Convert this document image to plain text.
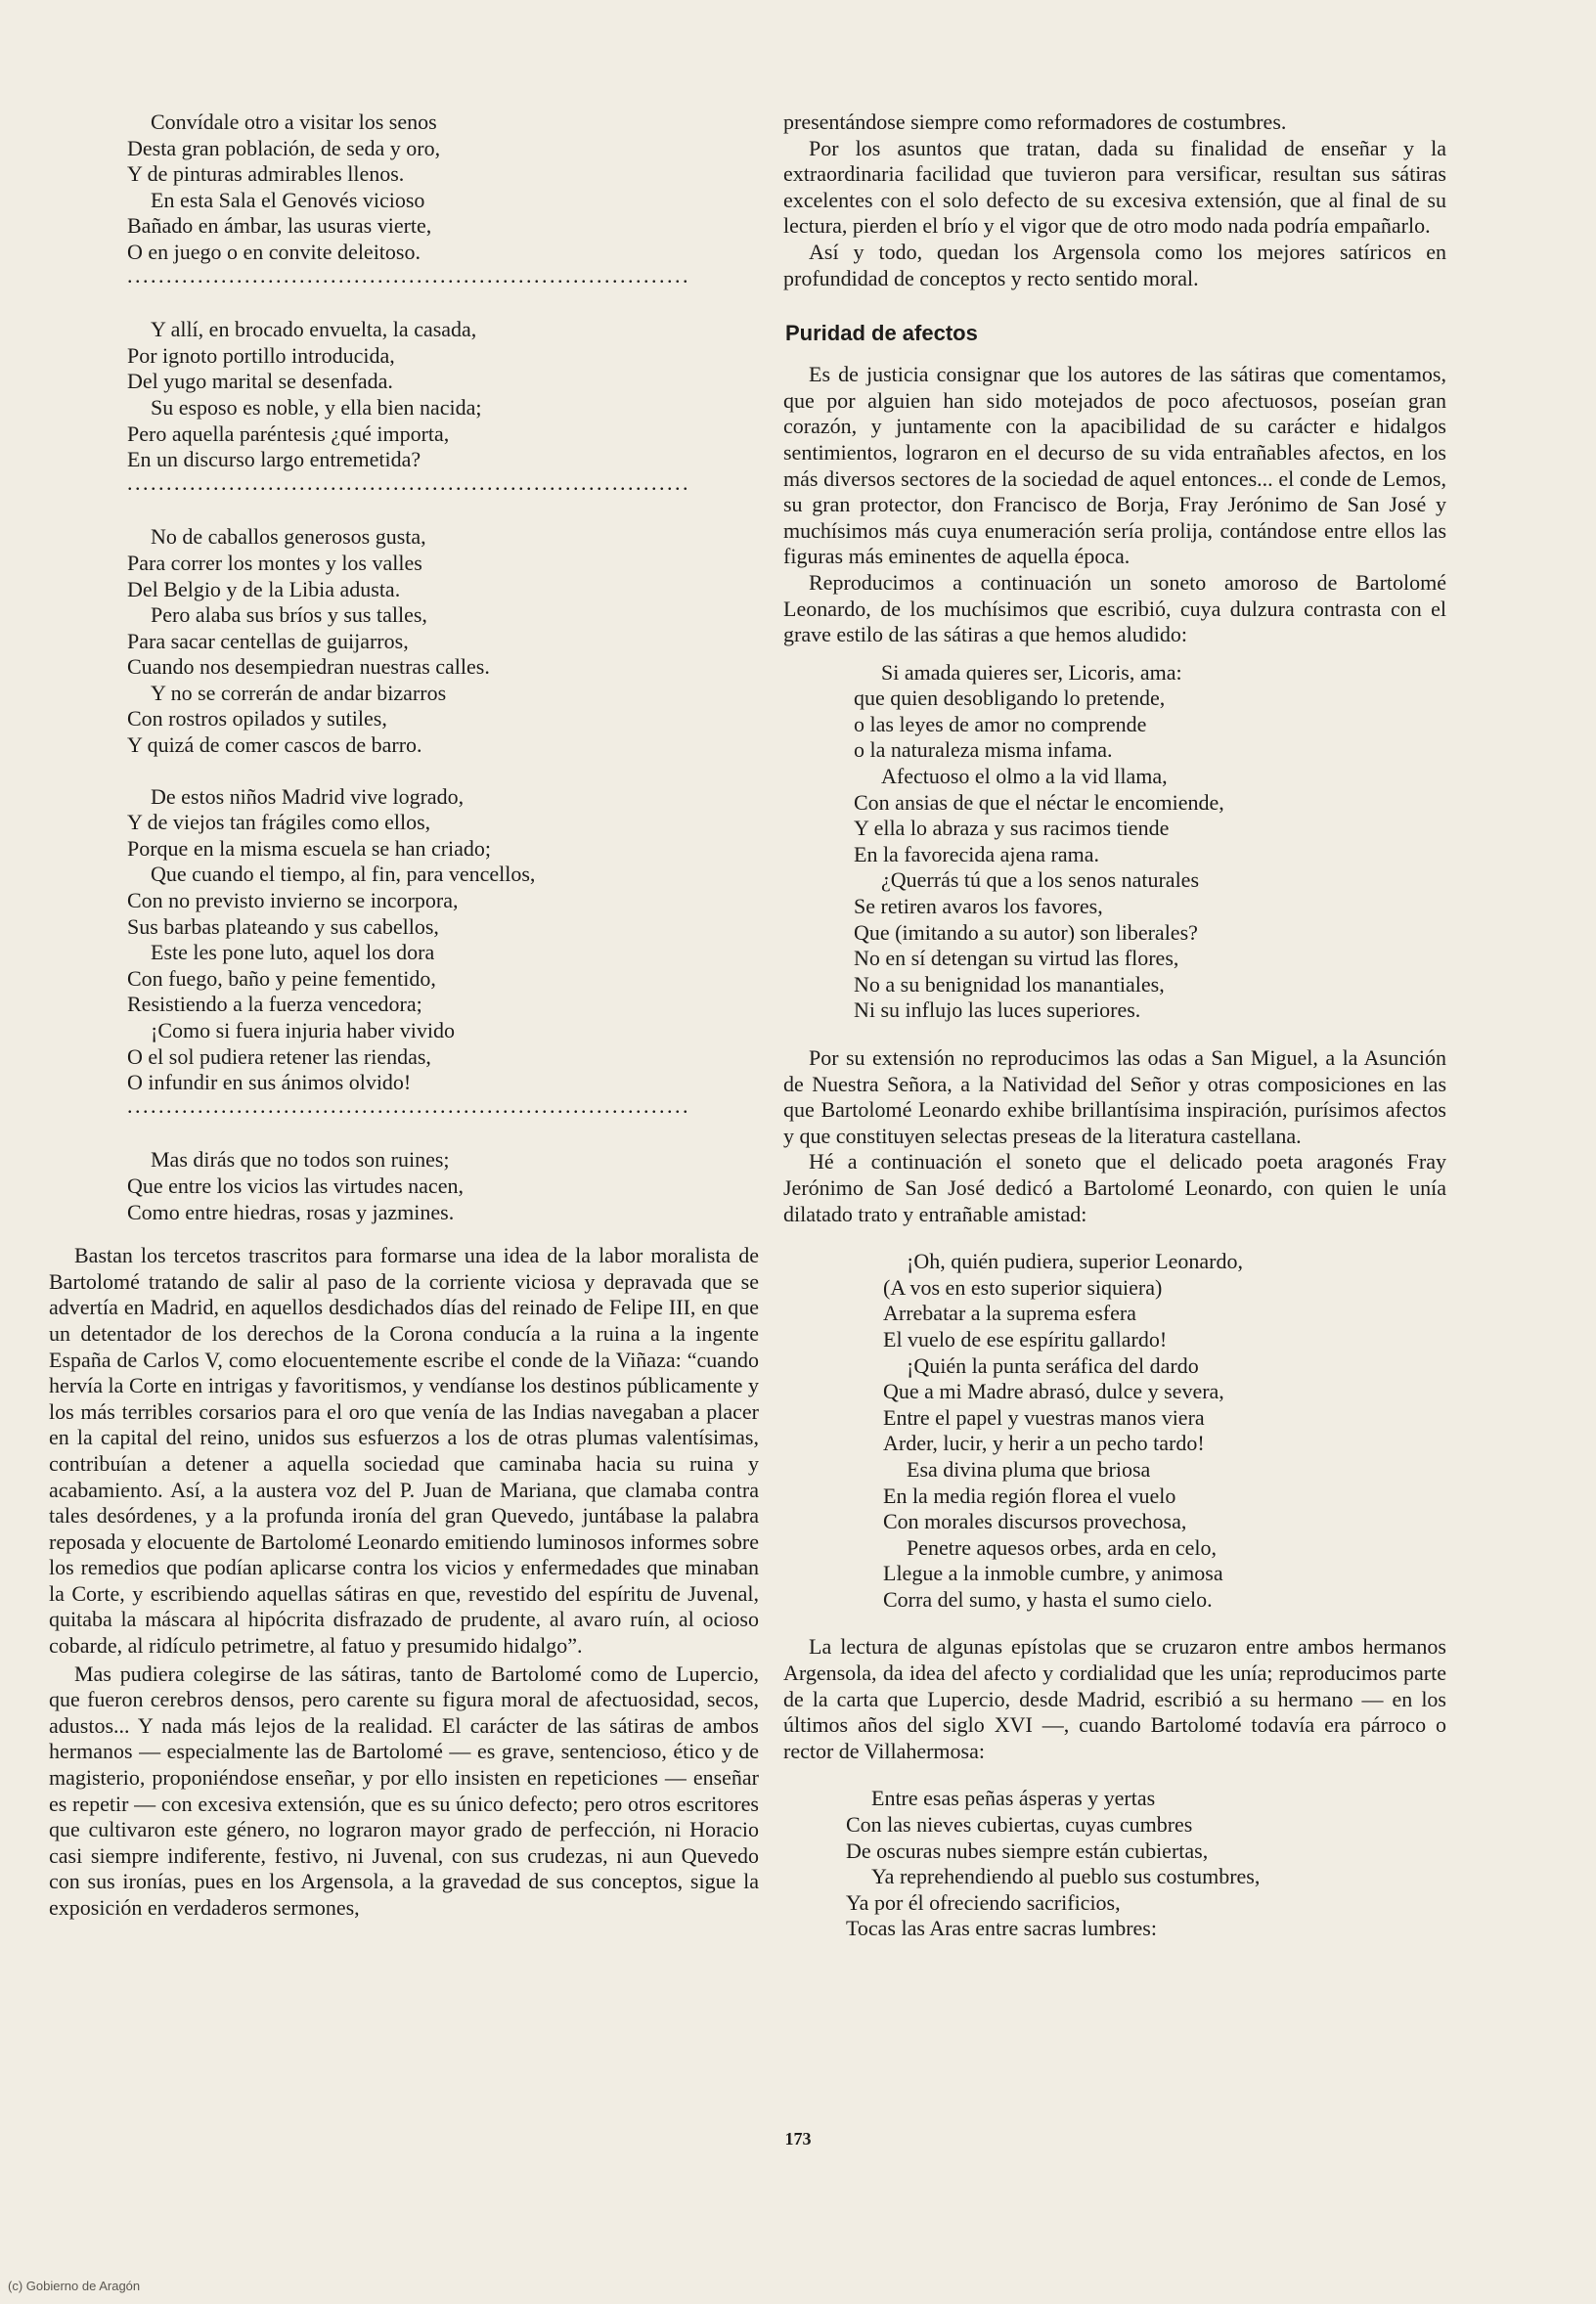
Convídale otro a visitar los senos
Desta gran población, de seda y oro,
Y de pinturas admirables llenos.
En esta Sala el Genovés vicioso
Bañado en ámbar, las usuras vierte,
O en juego o en convite deleitoso.
........................................................................
Y allí, en brocado envuelta, la casada,
Por ignoto portillo introducida,
Del yugo marital se desenfada.
Su esposo es noble, y ella bien nacida;
Pero aquella paréntesis ¿qué importa,
En un discurso largo entremetida?
........................................................................
No de caballos generosos gusta,
Para correr los montes y los valles
Del Belgio y de la Libia adusta.
Pero alaba sus bríos y sus talles,
Para sacar centellas de guijarros,
Cuando nos desempiedran nuestras calles.
Y no se correrán de andar bizarros
Con rostros opilados y sutiles,
Y quizá de comer cascos de barro.
De estos niños Madrid vive logrado,
Y de viejos tan frágiles como ellos,
Porque en la misma escuela se han criado;
Que cuando el tiempo, al fin, para vencellos,
Con no previsto invierno se incorpora,
Sus barbas plateando y sus cabellos,
Este les pone luto, aquel los dora
Con fuego, baño y peine fementido,
Resistiendo a la fuerza vencedora;
¡Como si fuera injuria haber vivido
O el sol pudiera retener las riendas,
O infundir en sus ánimos olvido!
........................................................................
Mas dirás que no todos son ruines;
Que entre los vicios las virtudes nacen,
Como entre hiedras, rosas y jazmines.

Bastan los tercetos trascritos para formarse una idea de la labor moralista de Bartolomé tratando de salir al paso de la corriente viciosa y depravada que se advertía en Madrid, en aquellos desdichados días del reinado de Felipe III, en que un detentador de los derechos de la Corona conducía a la ruina a la ingente España de Carlos V, como elocuentemente escribe el conde de la Viñaza: “cuando hervía la Corte en intrigas y favoritismos, y vendíanse los destinos públicamente y los más terribles corsarios para el oro que venía de las Indias navegaban a placer en la capital del reino, unidos sus esfuerzos a los de otras plumas valentísimas, contribuían a detener a aquella sociedad que caminaba hacia su ruina y acabamiento. Así, a la austera voz del P. Juan de Mariana, que clamaba contra tales desórdenes, y a la profunda ironía del gran Quevedo, juntábase la palabra reposada y elocuente de Bartolomé Leonardo emitiendo luminosos informes sobre los remedios que podían aplicarse contra los vicios y enfermedades que minaban la Corte, y escribiendo aquellas sátiras en que, revestido del espíritu de Juvenal, quitaba la máscara al hipócrita disfrazado de prudente, al avaro ruín, al ocioso cobarde, al ridículo petrimetre, al fatuo y presumido hidalgo”.

Mas pudiera colegirse de las sátiras, tanto de Bartolomé como de Lupercio, que fueron cerebros densos, pero carente su figura moral de afectuosidad, secos, adustos... Y nada más lejos de la realidad. El carácter de las sátiras de ambos hermanos — especialmente las de Bartolomé — es grave, sentencioso, ético y de magisterio, proponiéndose enseñar, y por ello insisten en repeticiones — enseñar es repetir — con excesiva extensión, que es su único defecto; pero otros escritores que cultivaron este género, no lograron mayor grado de perfección, ni Horacio casi siempre indiferente, festivo, ni Juvenal, con sus crudezas, ni aun Quevedo con sus ironías, pues en los Argensola, a la gravedad de sus conceptos, sigue la exposición en verdaderos sermones,

presentándose siempre como reformadores de costumbres.

Por los asuntos que tratan, dada su finalidad de enseñar y la extraordinaria facilidad que tuvieron para versificar, resultan sus sátiras excelentes con el solo defecto de su excesiva extensión, que al final de su lectura, pierden el brío y el vigor que de otro modo nada podría empañarlo.

Así y todo, quedan los Argensola como los mejores satíricos en profundidad de conceptos y recto sentido moral.

Puridad de afectos

Es de justicia consignar que los autores de las sátiras que comentamos, que por alguien han sido motejados de poco afectuosos, poseían gran corazón, y juntamente con la apacibilidad de su carácter e hidalgos sentimientos, lograron en el decurso de su vida entrañables afectos, en los más diversos sectores de la sociedad de aquel entonces... el conde de Lemos, su gran protector, don Francisco de Borja, Fray Jerónimo de San José y muchísimos más cuya enumeración sería prolija, contándose entre ellos las figuras más eminentes de aquella época.

Reproducimos a continuación un soneto amoroso de Bartolomé Leonardo, de los muchísimos que escribió, cuya dulzura contrasta con el grave estilo de las sátiras a que hemos aludido:

Si amada quieres ser, Licoris, ama:
que quien desobligando lo pretende,
o las leyes de amor no comprende
o la naturaleza misma infama.
Afectuoso el olmo a la vid llama,
Con ansias de que el néctar le encomiende,
Y ella lo abraza y sus racimos tiende
En la favorecida ajena rama.
¿Querrás tú que a los senos naturales
Se retiren avaros los favores,
Que (imitando a su autor) son liberales?
No en sí detengan su virtud las flores,
No a su benignidad los manantiales,
Ni su influjo las luces superiores.

Por su extensión no reproducimos las odas a San Miguel, a la Asunción de Nuestra Señora, a la Natividad del Señor y otras composiciones en las que Bartolomé Leonardo exhibe brillantísima inspiración, purísimos afectos y que constituyen selectas preseas de la literatura castellana.

Hé a continuación el soneto que el delicado poeta aragonés Fray Jerónimo de San José dedicó a Bartolomé Leonardo, con quien le unía dilatado trato y entrañable amistad:

¡Oh, quién pudiera, superior Leonardo,
(A vos en esto superior siquiera)
Arrebatar a la suprema esfera
El vuelo de ese espíritu gallardo!
¡Quién la punta seráfica del dardo
Que a mi Madre abrasó, dulce y severa,
Entre el papel y vuestras manos viera
Arder, lucir, y herir a un pecho tardo!
Esa divina pluma que briosa
En la media región florea el vuelo
Con morales discursos provechosa,
Penetre aquesos orbes, arda en celo,
Llegue a la inmoble cumbre, y animosa
Corra del sumo, y hasta el sumo cielo.

La lectura de algunas epístolas que se cruzaron entre ambos hermanos Argensola, da idea del afecto y cordialidad que les unía; reproducimos parte de la carta que Lupercio, desde Madrid, escribió a su hermano — en los últimos años del siglo XVI —, cuando Bartolomé todavía era párroco o rector de Villahermosa:

Entre esas peñas ásperas y yertas
Con las nieves cubiertas, cuyas cumbres
De oscuras nubes siempre están cubiertas,
Ya reprehendiendo al pueblo sus costumbres,
Ya por él ofreciendo sacrificios,
Tocas las Aras entre sacras lumbres:
173
(c) Gobierno de Aragón
